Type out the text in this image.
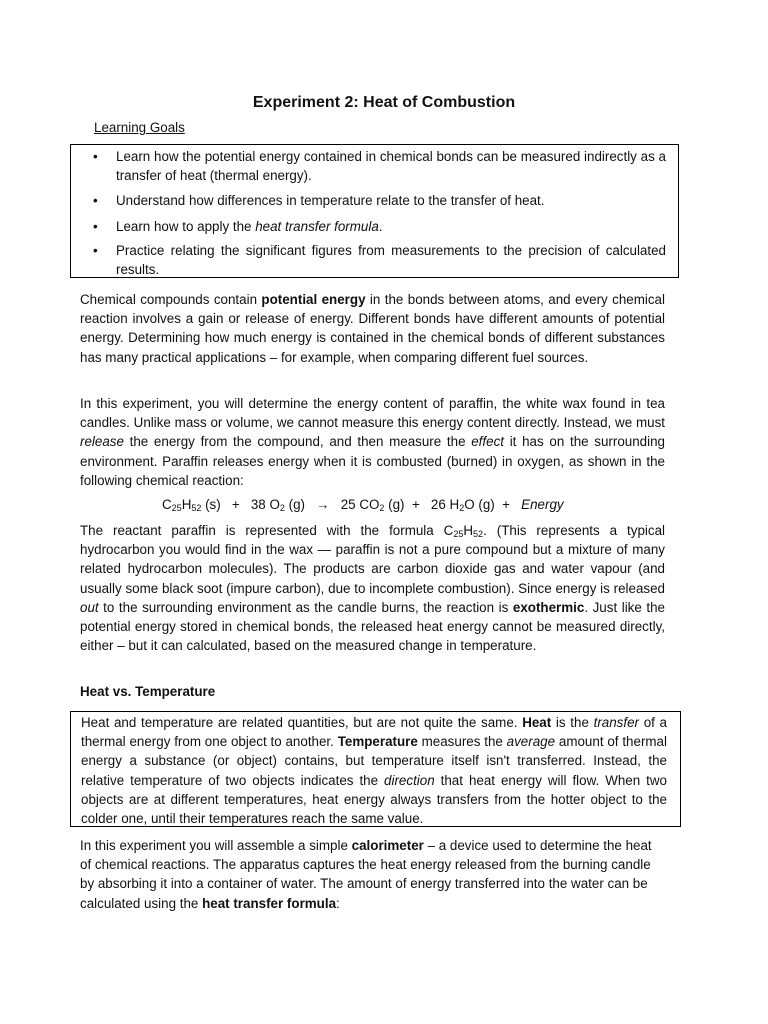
Experiment 2: Heat of Combustion
Learning Goals
• Learn how the potential energy contained in chemical bonds can be measured indirectly as a transfer of heat (thermal energy).
• Understand how differences in temperature relate to the transfer of heat.
• Learn how to apply the heat transfer formula.
• Practice relating the significant figures from measurements to the precision of calculated results.

Chemical compounds contain potential energy in the bonds between atoms, and every chemical reaction involves a gain or release of energy. Different bonds have different amounts of potential energy. Determining how much energy is contained in the chemical bonds of different substances has many practical applications – for example, when comparing different fuel sources.

In this experiment, you will determine the energy content of paraffin, the white wax found in tea candles. Unlike mass or volume, we cannot measure this energy content directly. Instead, we must release the energy from the compound, and then measure the effect it has on the surrounding environment. Paraffin releases energy when it is combusted (burned) in oxygen, as shown in the following chemical reaction:

$C_{25}H_{52}$ (s)   +   38 $O_2$ (g)   →   25 $CO_2$ (g)  +   26 $H_2O$ (g)  +   Energy

The reactant paraffin is represented with the formula $C_{25}H_{52}$. (This represents a typical hydrocarbon you would find in the wax — paraffin is not a pure compound but a mixture of many related hydrocarbon molecules). The products are carbon dioxide gas and water vapour (and usually some black soot (impure carbon), due to incomplete combustion). Since energy is released out to the surrounding environment as the candle burns, the reaction is exothermic. Just like the potential energy stored in chemical bonds, the released heat energy cannot be measured directly, either – but it can calculated, based on the measured change in temperature.

Heat vs. Temperature

Heat and temperature are related quantities, but are not quite the same. Heat is the transfer of a thermal energy from one object to another. Temperature measures the average amount of thermal energy a substance (or object) contains, but temperature itself isn't transferred. Instead, the relative temperature of two objects indicates the direction that heat energy will flow. When two objects are at different temperatures, heat energy always transfers from the hotter object to the colder one, until their temperatures reach the same value.

In this experiment you will assemble a simple calorimeter – a device used to determine the heat of chemical reactions. The apparatus captures the heat energy released from the burning candle by absorbing it into a container of water. The amount of energy transferred into the water can be calculated using the heat transfer formula:
